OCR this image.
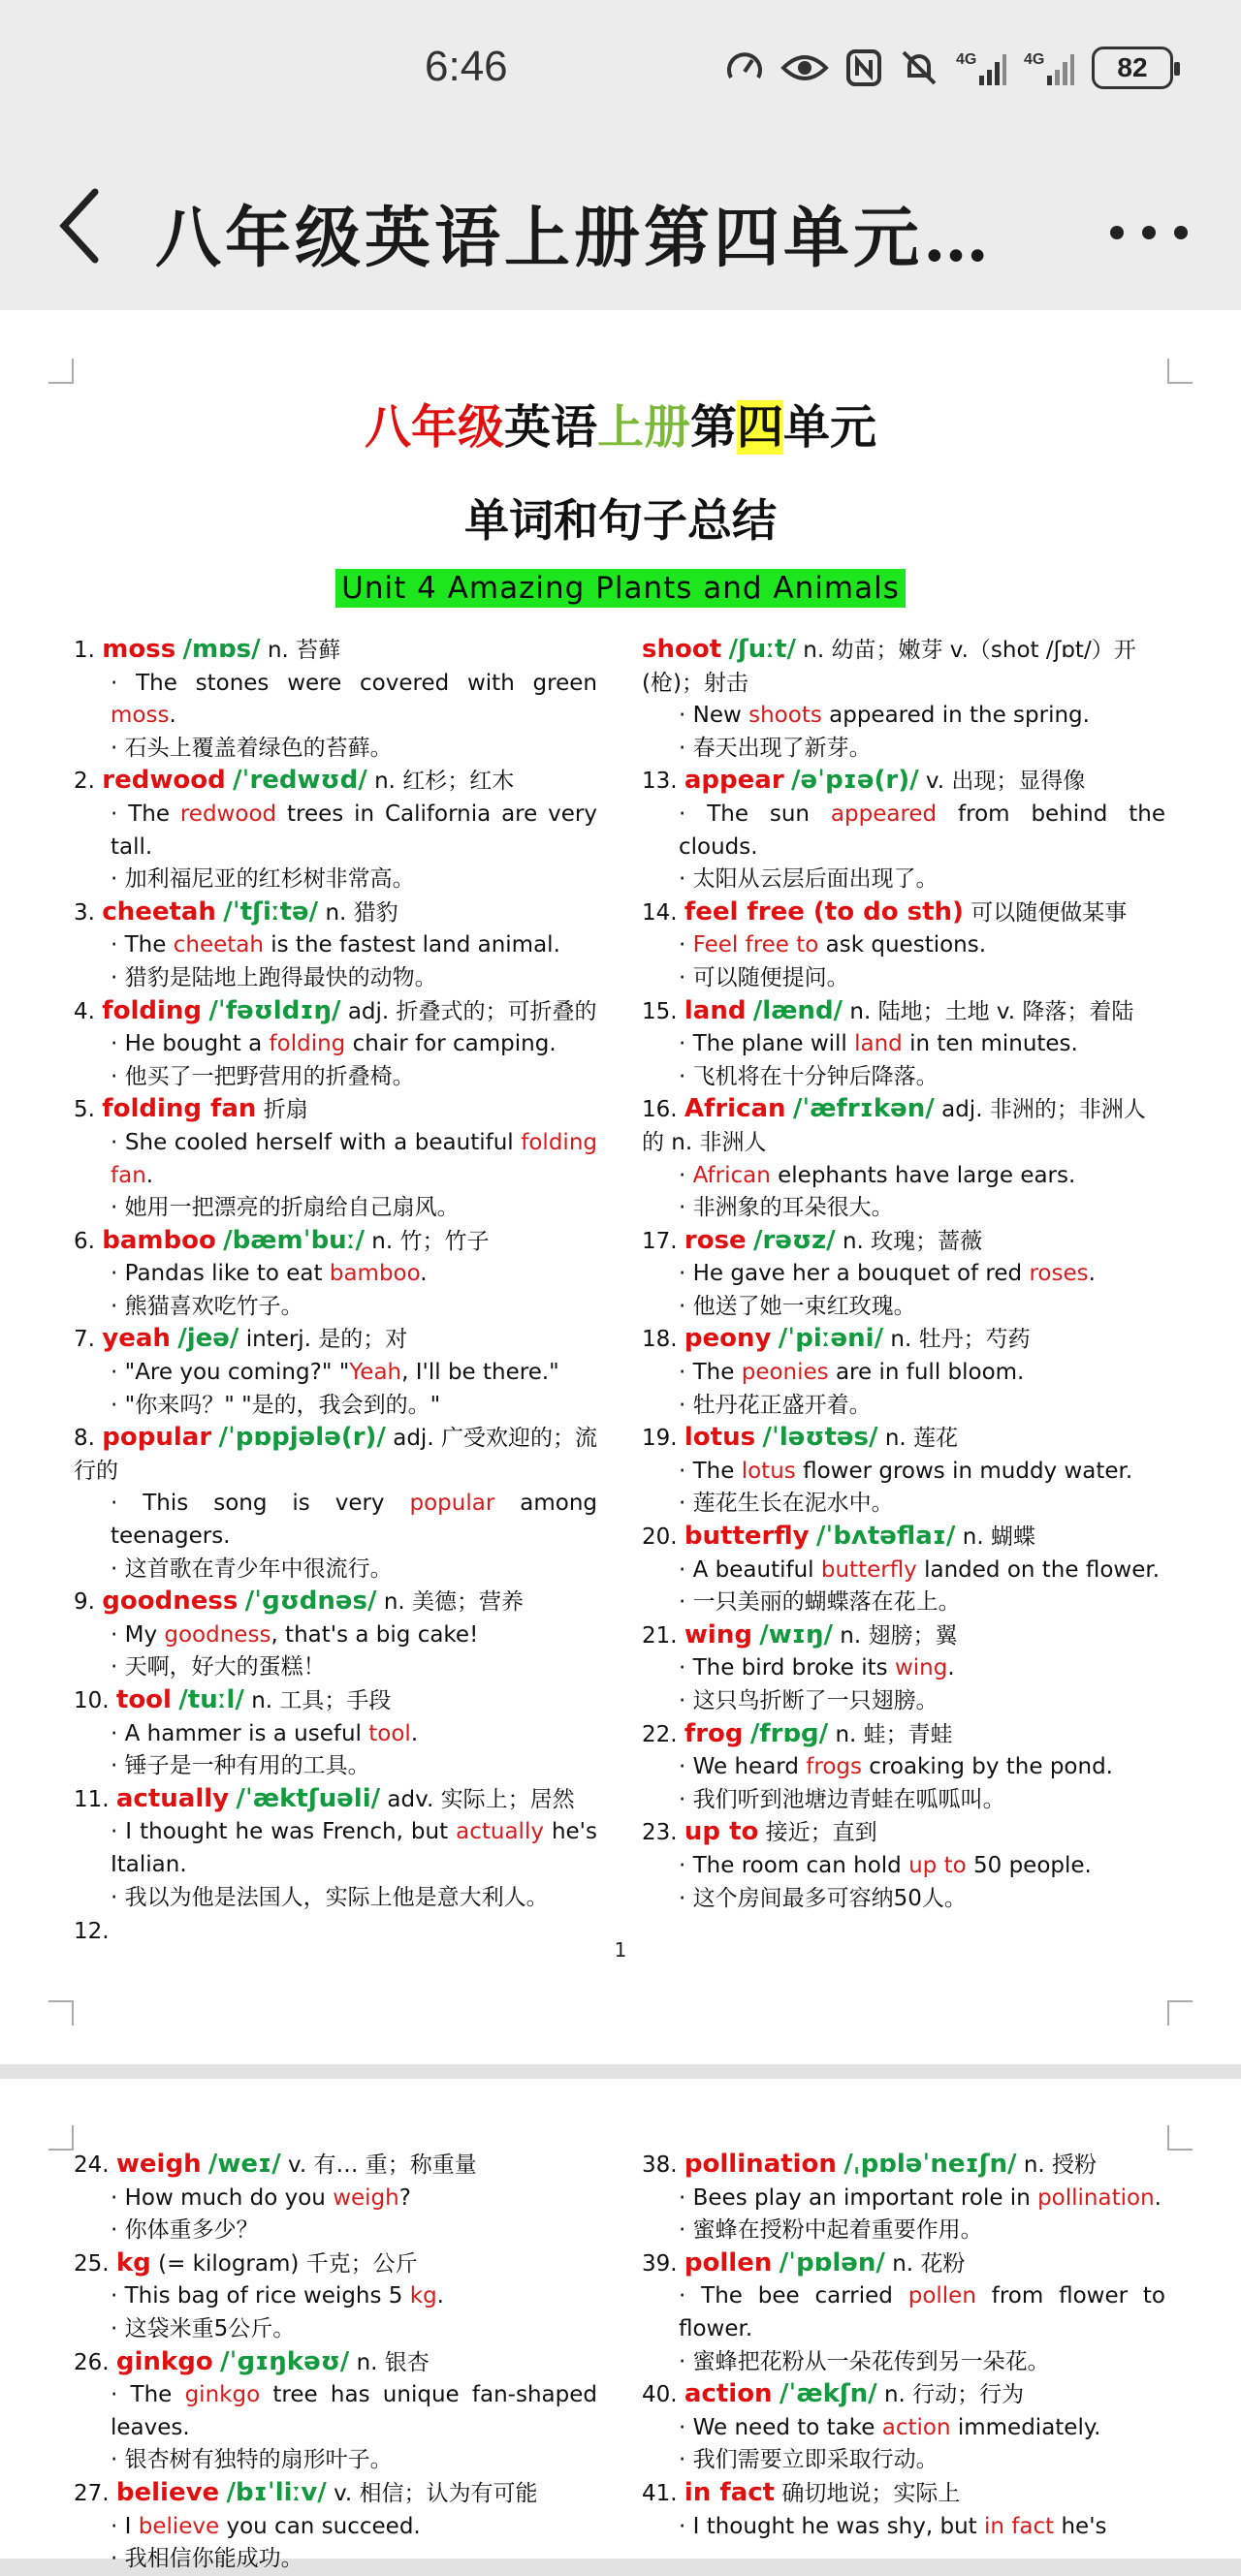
6:46	4G	4G	82
八年级英语上册第四单元…
八年级英语上册第四单元
单词和句子总结
Unit 4 Amazing Plants and Animals
1. moss /mɒs/ n. 苔藓
· The stones were covered with green moss.
· 石头上覆盖着绿色的苔藓。
2. redwood /ˈredwʊd/ n. 红杉；红木
· The redwood trees in California are very tall.
· 加利福尼亚的红杉树非常高。
3. cheetah /ˈtʃiːtə/ n. 猎豹
· The cheetah is the fastest land animal.
· 猎豹是陆地上跑得最快的动物。
4. folding /ˈfəʊldɪŋ/ adj. 折叠式的；可折叠的
· He bought a folding chair for camping.
· 他买了一把野营用的折叠椅。
5. folding fan 折扇
· She cooled herself with a beautiful folding fan.
· 她用一把漂亮的折扇给自己扇风。
6. bamboo /bæmˈbuː/ n. 竹；竹子
· Pandas like to eat bamboo.
· 熊猫喜欢吃竹子。
7. yeah /jeə/ interj. 是的；对
· "Are you coming?" "Yeah, I'll be there."
· "你来吗？" "是的，我会到的。"
8. popular /ˈpɒpjələ(r)/ adj. 广受欢迎的；流行的
· This song is very popular among teenagers.
· 这首歌在青少年中很流行。
9. goodness /ˈɡʊdnəs/ n. 美德；营养
· My goodness, that's a big cake!
· 天啊，好大的蛋糕！
10. tool /tuːl/ n. 工具；手段
· A hammer is a useful tool.
· 锤子是一种有用的工具。
11. actually /ˈæktʃuəli/ adv. 实际上；居然
· I thought he was French, but actually he's Italian.
· 我以为他是法国人，实际上他是意大利人。
shoot /ʃuːt/ n. 幼苗；嫩芽 v.（shot /ʃɒt/）开(枪)；射击
· New shoots appeared in the spring.
· 春天出现了新芽。
13. appear /əˈpɪə(r)/ v. 出现；显得像
· The sun appeared from behind the clouds.
· 太阳从云层后面出现了。
14. feel free (to do sth) 可以随便做某事
· Feel free to ask questions.
· 可以随便提问。
15. land /lænd/ n. 陆地；土地 v. 降落；着陆
· The plane will land in ten minutes.
· 飞机将在十分钟后降落。
16. African /ˈæfrɪkən/ adj. 非洲的；非洲人的 n. 非洲人
· African elephants have large ears.
· 非洲象的耳朵很大。
17. rose /rəʊz/ n. 玫瑰；蔷薇
· He gave her a bouquet of red roses.
· 他送了她一束红玫瑰。
18. peony /ˈpiːəni/ n. 牡丹；芍药
· The peonies are in full bloom.
· 牡丹花正盛开着。
19. lotus /ˈləʊtəs/ n. 莲花
· The lotus flower grows in muddy water.
· 莲花生长在泥水中。
20. butterfly /ˈbʌtəflaɪ/ n. 蝴蝶
· A beautiful butterfly landed on the flower.
· 一只美丽的蝴蝶落在花上。
21. wing /wɪŋ/ n. 翅膀；翼
· The bird broke its wing.
· 这只鸟折断了一只翅膀。
22. frog /frɒɡ/ n. 蛙；青蛙
· We heard frogs croaking by the pond.
· 我们听到池塘边青蛙在呱呱叫。
23. up to 接近；直到
· The room can hold up to 50 people.
· 这个房间最多可容纳50人。
12.
1
24. weigh /weɪ/ v. 有… 重；称重量
· How much do you weigh?
· 你体重多少？
25. kg (= kilogram) 千克；公斤
· This bag of rice weighs 5 kg.
· 这袋米重5公斤。
26. ginkgo /ˈɡɪŋkəʊ/ n. 银杏
· The ginkgo tree has unique fan-shaped leaves.
· 银杏树有独特的扇形叶子。
27. believe /bɪˈliːv/ v. 相信；认为有可能
· I believe you can succeed.
· 我相信你能成功。
38. pollination /ˌpɒləˈneɪʃn/ n. 授粉
· Bees play an important role in pollination.
· 蜜蜂在授粉中起着重要作用。
39. pollen /ˈpɒlən/ n. 花粉
· The bee carried pollen from flower to flower.
· 蜜蜂把花粉从一朵花传到另一朵花。
40. action /ˈækʃn/ n. 行动；行为
· We need to take action immediately.
· 我们需要立即采取行动。
41. in fact 确切地说；实际上
· I thought he was shy, but in fact he's
